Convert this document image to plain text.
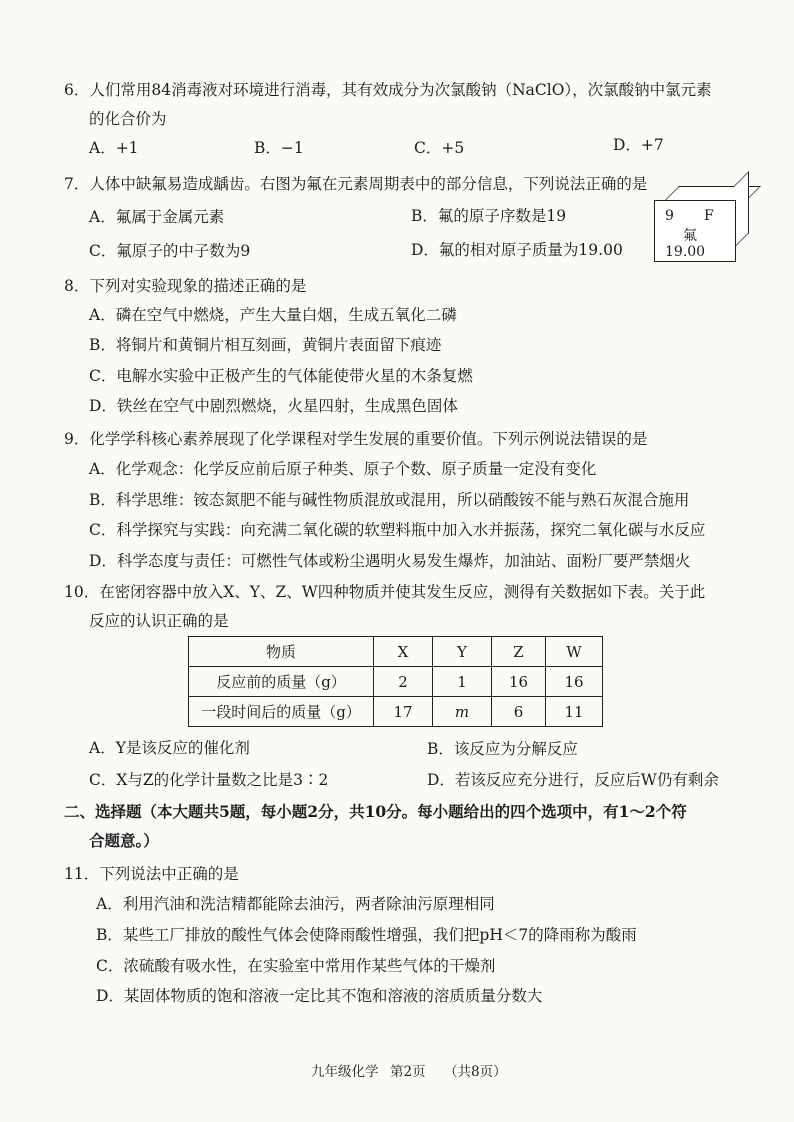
6．人们常用84消毒液对环境进行消毒，其有效成分为次氯酸钠（NaClO），次氯酸钠中氯元素
的化合价为
A．+1	B．−1	C．+5	D．+7
7．人体中缺氟易造成龋齿。右图为氟在元素周期表中的部分信息，下列说法正确的是
A．氟属于金属元素	B．氟的原子序数是19
C．氟原子的中子数为9	D．氟的相对原子质量为19.00
9 F
氟
19.00
8．下列对实验现象的描述正确的是
A．磷在空气中燃烧，产生大量白烟，生成五氧化二磷
B．将铜片和黄铜片相互刻画，黄铜片表面留下痕迹
C．电解水实验中正极产生的气体能使带火星的木条复燃
D．铁丝在空气中剧烈燃烧，火星四射，生成黑色固体
9．化学学科核心素养展现了化学课程对学生发展的重要价值。下列示例说法错误的是
A．化学观念：化学反应前后原子种类、原子个数、原子质量一定没有变化
B．科学思维：铵态氮肥不能与碱性物质混放或混用，所以硝酸铵不能与熟石灰混合施用
C．科学探究与实践：向充满二氧化碳的软塑料瓶中加入水并振荡，探究二氧化碳与水反应
D．科学态度与责任：可燃性气体或粉尘遇明火易发生爆炸，加油站、面粉厂要严禁烟火
10．在密闭容器中放入X、Y、Z、W四种物质并使其发生反应，测得有关数据如下表。关于此
反应的认识正确的是
物质	X	Y	Z	W
反应前的质量（g）	2	1	16	16
一段时间后的质量（g）	17	m	6	11
A．Y是该反应的催化剂	B．该反应为分解反应
C．X与Z的化学计量数之比是3∶2	D．若该反应充分进行，反应后W仍有剩余
二、选择题（本大题共5题，每小题2分，共10分。每小题给出的四个选项中，有1～2个符
合题意。）
11．下列说法中正确的是
A．利用汽油和洗洁精都能除去油污，两者除油污原理相同
B．某些工厂排放的酸性气体会使降雨酸性增强，我们把pH＜7的降雨称为酸雨
C．浓硫酸有吸水性，在实验室中常用作某些气体的干燥剂
D．某固体物质的饱和溶液一定比其不饱和溶液的溶质质量分数大
九年级化学 第2页 （共8页）
